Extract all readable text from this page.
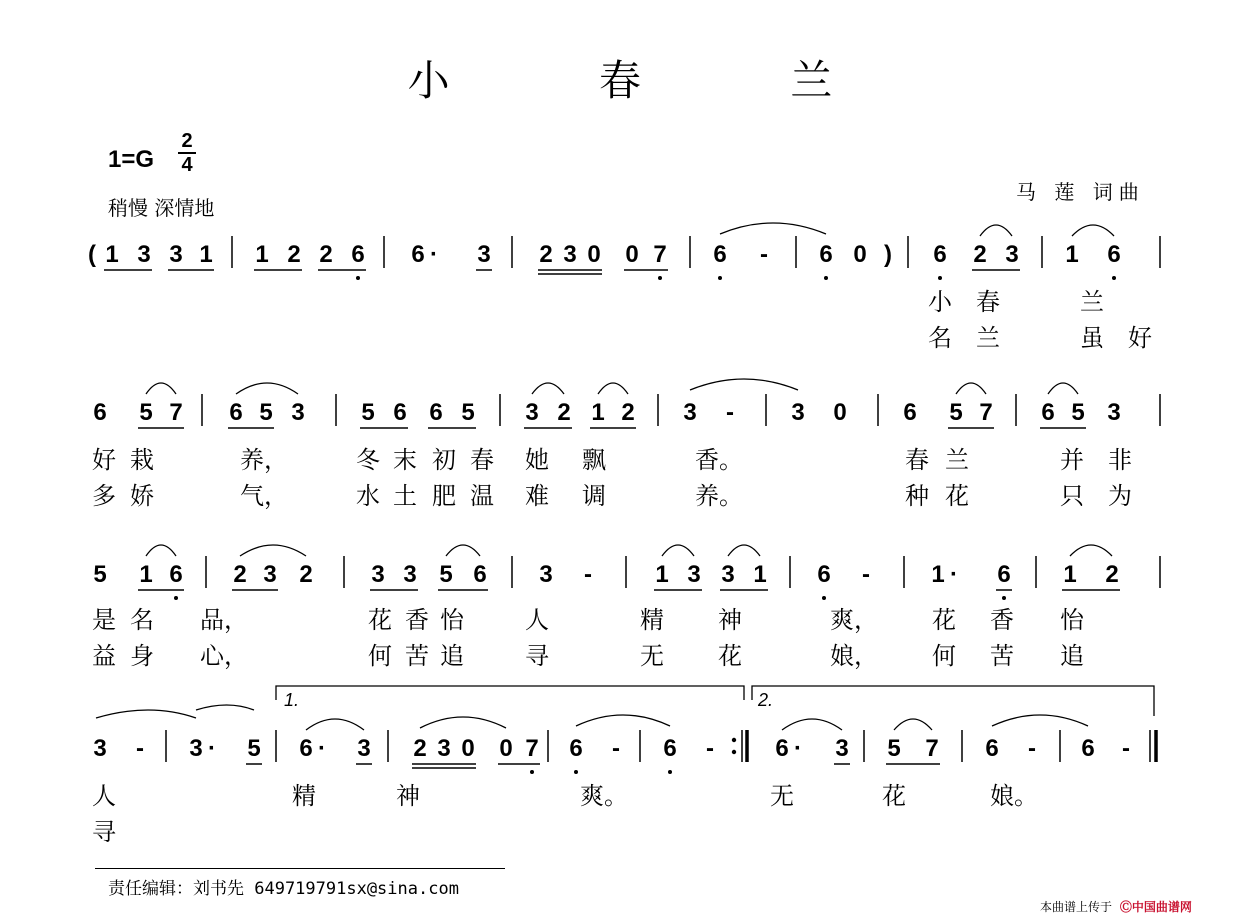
小 春 兰
1=G
2
4
稍慢 深情地
马 莲 词曲
( 1 3 3 1 1 2 2 6 6 · 3 2 3 0 0 7 6 - 6 0 ) 6 2 3 1 6
6 5 7 6 5 3 5 6 6 5 3 2 1 2 3 - 3 0 6 5 7 6 5 3
5 1 6 2 3 2 3 3 5 6 3 -	1 3 3 1 6 -	1 · 6 1 2
3 - 3 · 5 6 · 3 2 3 0 0 7 6 - 6 -
1.	2.
6 · 3 5 7 6 - 6 -
小春 兰
名兰 虽好
好 栽	养，	冬 末 初 春 她 飘	香。	春 兰	并 非
多 娇	气，	水 土 肥 温 难 调	养。	种 花	只 为
是 名 品，	花 香 怡	人	精 神	爽， 花 香 怡
益 身 心，	何 苦 追	寻	无 花	娘， 何 苦 追
人	精	神	爽。	无	花	娘。
寻
责任编辑：刘书先 649719791sx@sina.com
本曲谱上传于 Ⓒ中国曲谱网
